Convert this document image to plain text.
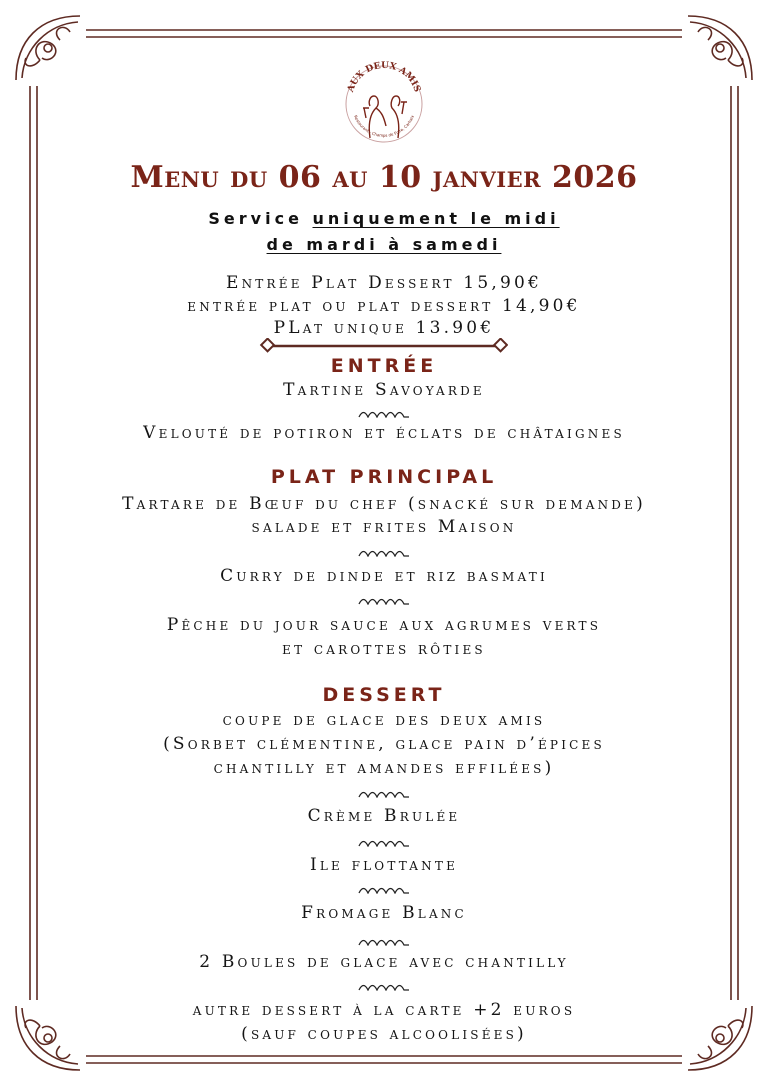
AUX DEUX AMIS
Restaurant - Champs de Foire, Carhaix
Menu du 06 au 10 janvier 2026
Service uniquement le midi
de mardi à samedi
Entrée Plat Dessert 15,90€
entrée plat ou plat dessert 14,90€
PLat unique 13.90€
ENTRÉE
Tartine Savoyarde
Velouté de potiron et éclats de châtaignes
PLAT PRINCIPAL
Tartare de Bœuf du chef (snacké sur demande)
salade et frites Maison
Curry de dinde et riz basmati
Pêche du jour sauce aux agrumes verts
et carottes rôties
DESSERT
coupe de glace des deux amis
(Sorbet clémentine, glace pain d’épices
chantilly et amandes effilées)
Crème Brulée
Ile flottante
Fromage Blanc
2 Boules de glace avec chantilly
autre dessert à la carte +2 euros
(sauf coupes alcoolisées)
